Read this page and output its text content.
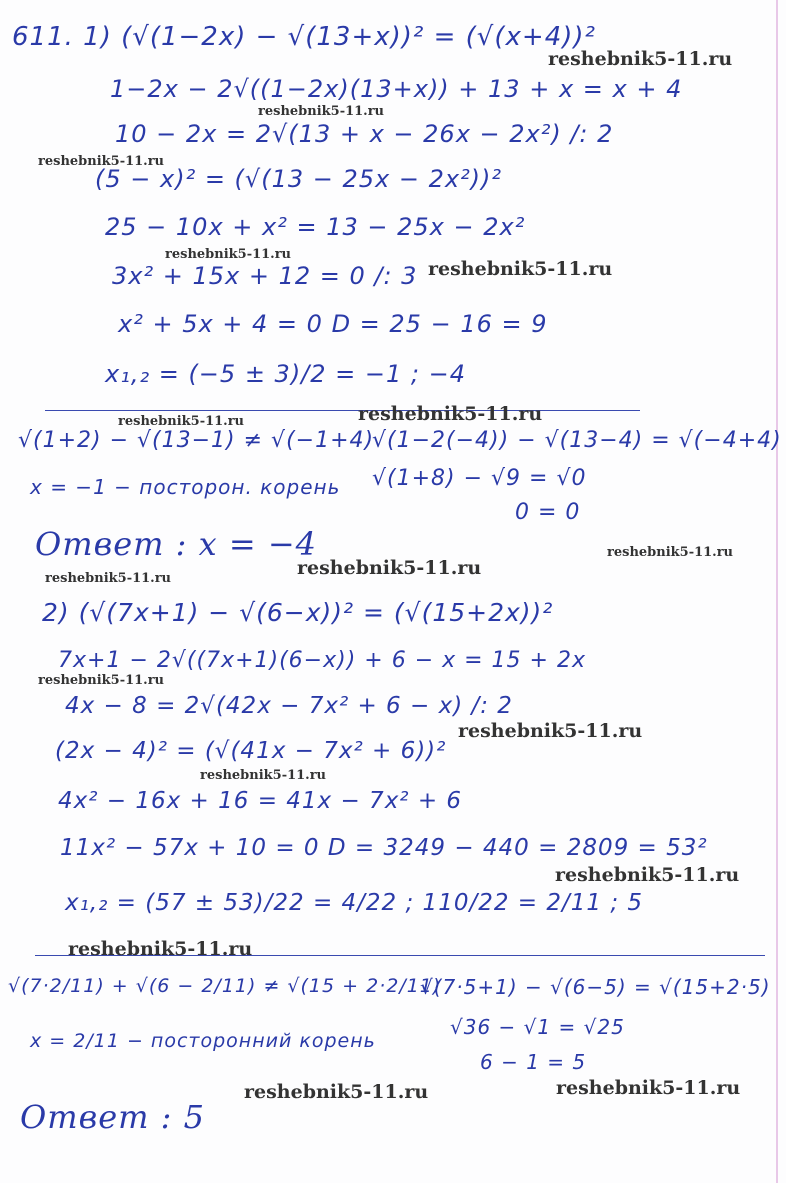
611. 1) (√(1−2x) − √(13+x))² = (√(x+4))²
1−2x − 2√((1−2x)(13+x)) + 13 + x = x + 4
10 − 2x = 2√(13 + x − 26x − 2x²) /: 2
(5 − x)² = (√(13 − 25x − 2x²))²
25 − 10x + x² = 13 − 25x − 2x²
3x² + 15x + 12 = 0 /: 3
x² + 5x + 4 = 0 D = 25 − 16 = 9
x₁,₂ = (−5 ± 3)/2 = −1 ; −4
√(1+2) − √(13−1) ≠ √(−1+4)
x = −1 − посторон. корень
√(1−2(−4)) − √(13−4) = √(−4+4)
√(1+8) − √9 = √0
0 = 0
Ответ : x = −4
2) (√(7x+1) − √(6−x))² = (√(15+2x))²
7x+1 − 2√((7x+1)(6−x)) + 6 − x = 15 + 2x
4x − 8 = 2√(42x − 7x² + 6 − x) /: 2
(2x − 4)² = (√(41x − 7x² + 6))²
4x² − 16x + 16 = 41x − 7x² + 6
11x² − 57x + 10 = 0 D = 3249 − 440 = 2809 = 53²
x₁,₂ = (57 ± 53)/22 = 4/22 ; 110/22 = 2/11 ; 5
√(7·2/11) + √(6 − 2/11) ≠ √(15 + 2·2/11)
x = 2/11 − посторонний корень
√(7·5+1) − √(6−5) = √(15+2·5)
√36 − √1 = √25
6 − 1 = 5
Ответ : 5
reshebnik5-11.ru
reshebnik5-11.ru
reshebnik5-11.ru
reshebnik5-11.ru
reshebnik5-11.ru
reshebnik5-11.ru	reshebnik5-11.ru
reshebnik5-11.ru
reshebnik5-11.ru
reshebnik5-11.ru
reshebnik5-11.ru
reshebnik5-11.ru
reshebnik5-11.ru
reshebnik5-11.ru
reshebnik5-11.ru
reshebnik5-11.ru	reshebnik5-11.ru
